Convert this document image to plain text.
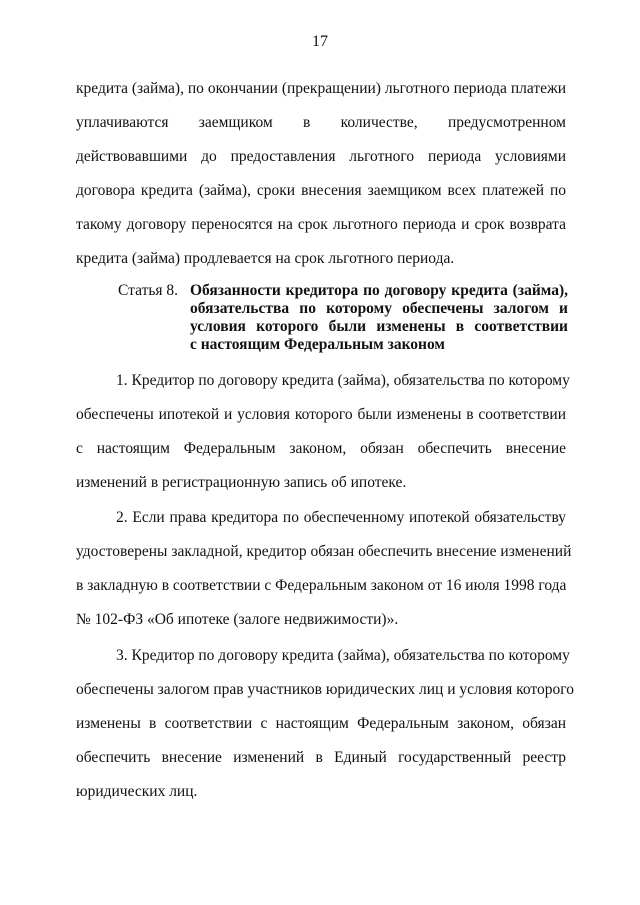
17
кредита (займа), по окончании (прекращении) льготного периода платежи
уплачиваются заемщиком в количестве, предусмотренном
действовавшими до предоставления льготного периода условиями
договора кредита (займа), сроки внесения заемщиком всех платежей по
такому договору переносятся на срок льготного периода и срок возврата
кредита (займа) продлевается на срок льготного периода.
Статья 8. Обязанности кредитора по договору кредита (займа),
обязательства по которому обеспечены залогом и
условия которого были изменены в соответствии
с настоящим Федеральным законом
1. Кредитор по договору кредита (займа), обязательства по которому
обеспечены ипотекой и условия которого были изменены в соответствии
с настоящим Федеральным законом, обязан обеспечить внесение
изменений в регистрационную запись об ипотеке.
2. Если права кредитора по обеспеченному ипотекой обязательству
удостоверены закладной, кредитор обязан обеспечить внесение изменений
в закладную в соответствии с Федеральным законом от 16 июля 1998 года
№ 102-ФЗ «Об ипотеке (залоге недвижимости)».
3. Кредитор по договору кредита (займа), обязательства по которому
обеспечены залогом прав участников юридических лиц и условия которого
изменены в соответствии с настоящим Федеральным законом, обязан
обеспечить внесение изменений в Единый государственный реестр
юридических лиц.
